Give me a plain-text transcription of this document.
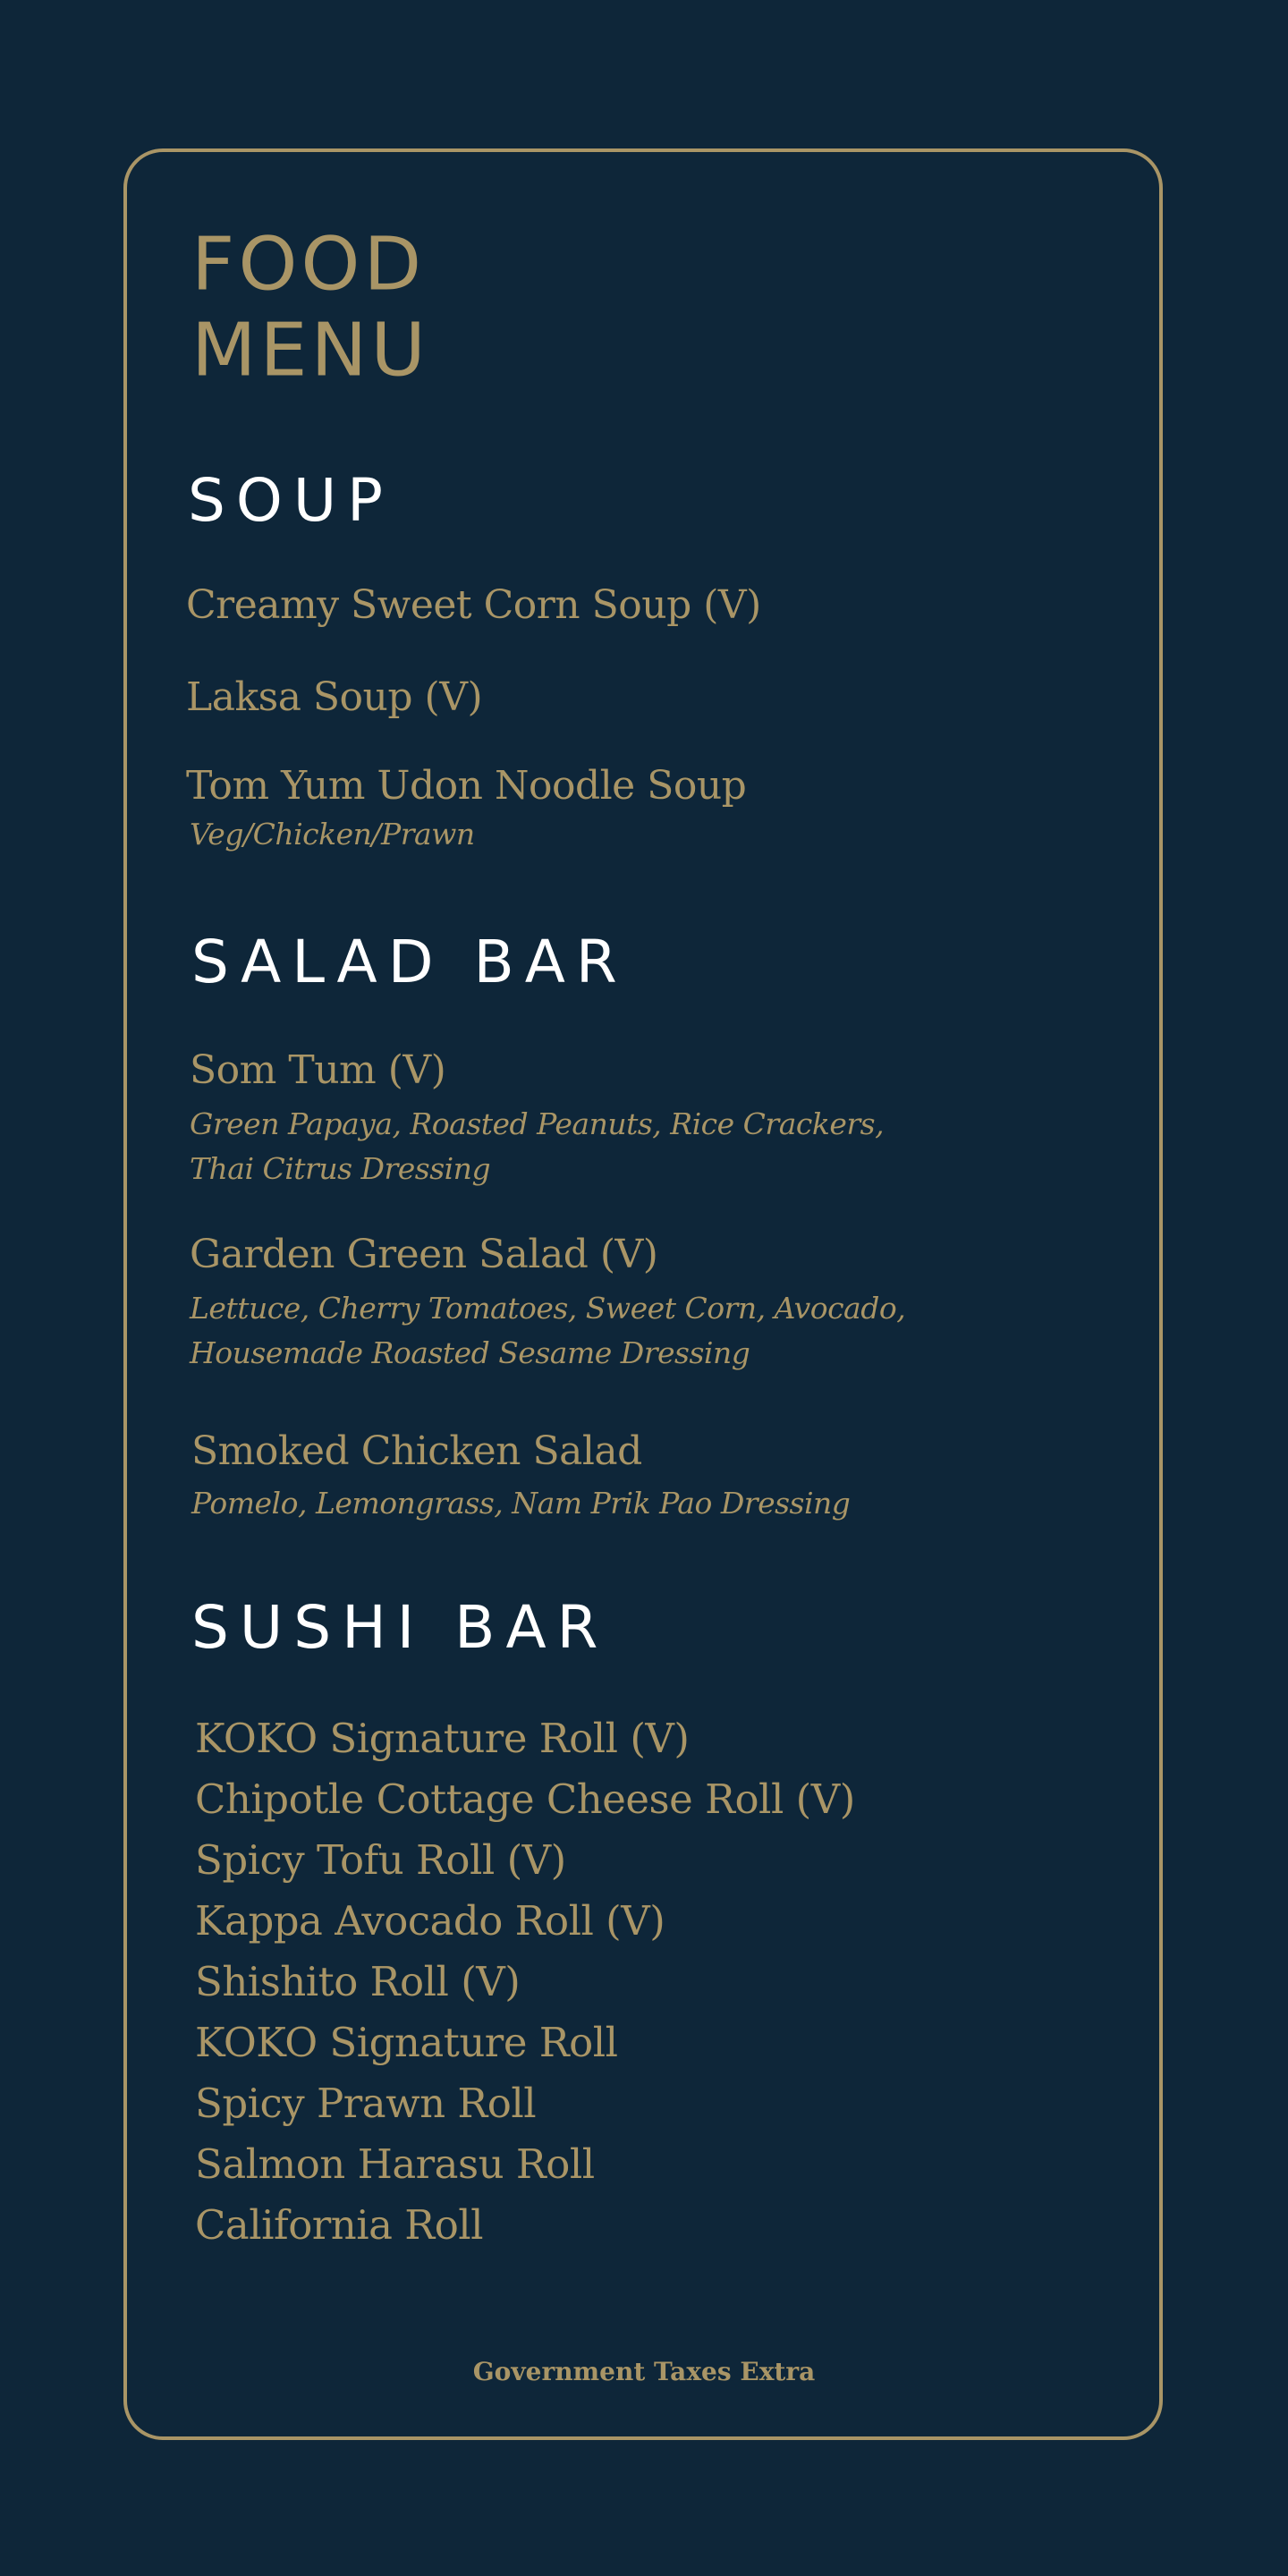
FOOD
MENU
SOUP
Creamy Sweet Corn Soup (V)
Laksa Soup (V)
Tom Yum Udon Noodle Soup
Veg/Chicken/Prawn
SALAD BAR
Som Tum (V)
Green Papaya, Roasted Peanuts, Rice Crackers,
Thai Citrus Dressing
Garden Green Salad (V)
Lettuce, Cherry Tomatoes, Sweet Corn, Avocado,
Housemade Roasted Sesame Dressing
Smoked Chicken Salad
Pomelo, Lemongrass, Nam Prik Pao Dressing
SUSHI BAR
KOKO Signature Roll (V)
Chipotle Cottage Cheese Roll (V)
Spicy Tofu Roll (V)
Kappa Avocado Roll (V)
Shishito Roll (V)
KOKO Signature Roll
Spicy Prawn Roll
Salmon Harasu Roll
California Roll
Government Taxes Extra
